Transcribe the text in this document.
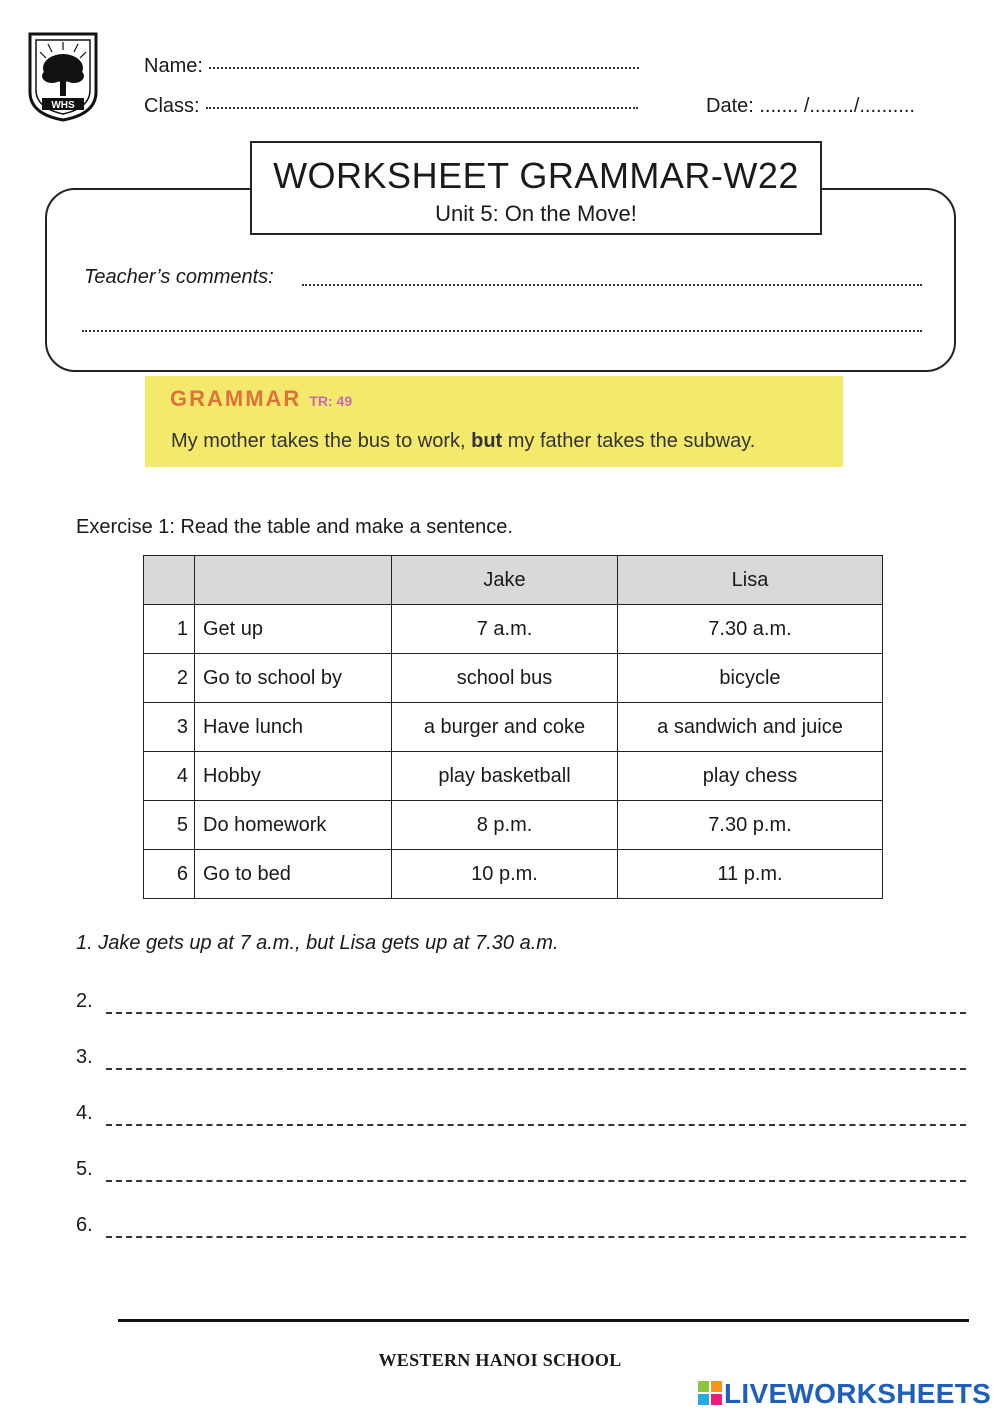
WHS
Name:
Class:	Date: ....... /......../..........
Teacher’s comments:
WORKSHEET GRAMMAR-W22
Unit 5: On the Move!
GRAMMAR TR: 49
My mother takes the bus to work, but my father takes the subway.
Exercise 1: Read the table and make a sentence.
		Jake	Lisa
1	Get up	7 a.m.	7.30 a.m.
2	Go to school by	school bus	bicycle
3	Have lunch	a burger and coke	a sandwich and juice
4	Hobby	play basketball	play chess
5	Do homework	8 p.m.	7.30 p.m.
6	Go to bed	10 p.m.	11 p.m.
1. Jake gets up at 7 a.m., but Lisa gets up at 7.30 a.m.
2.
3.
4.
5.
6.
WESTERN HANOI SCHOOL
LIVEWORKSHEETS
